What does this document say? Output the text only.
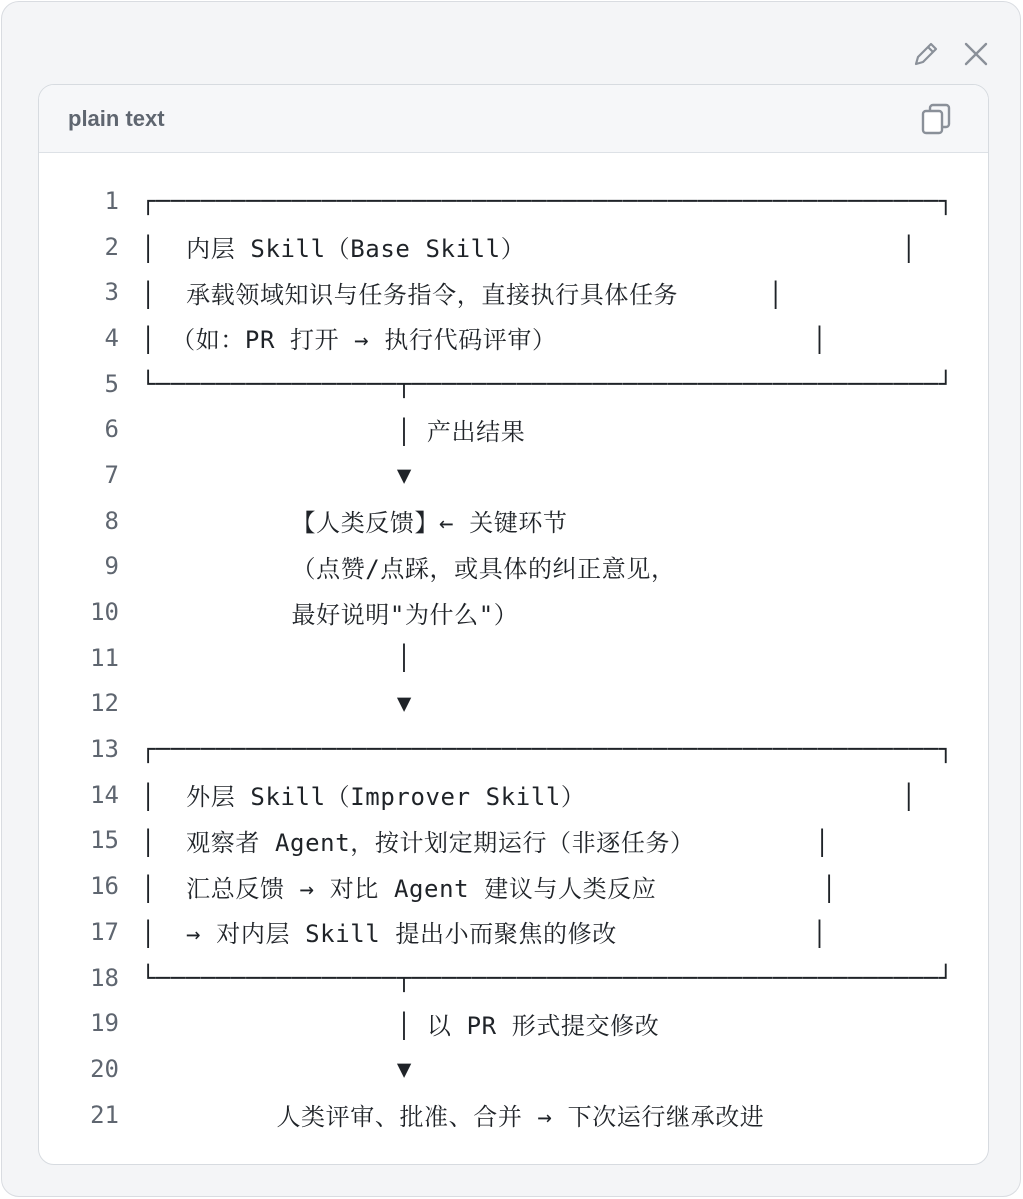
plain text
1 ┌────────────────────────────────────────────────────┐
2 │  内层 Skill（Base Skill）                         │
3 │  承载领域知识与任务指令，直接执行具体任务      │
4 │ （如：PR 打开 → 执行代码评审）                 │
5 └────────────────┬───────────────────────────────────┘
6 │ 产出结果
7 ▼
8 【人类反馈】← 关键环节
9 （点赞/点踩，或具体的纠正意见，
10 最好说明"为什么"）
11 │
12 ▼
13 ┌────────────────────────────────────────────────────┐
14 │  外层 Skill（Improver Skill）                     │
15 │  观察者 Agent，按计划定期运行（非逐任务）        │
16 │  汇总反馈 → 对比 Agent 建议与人类反应           │
17 │  → 对内层 Skill 提出小而聚焦的修改             │
18 └────────────────┬───────────────────────────────────┘
19 │ 以 PR 形式提交修改
20 ▼
21 人类评审、批准、合并 → 下次运行继承改进
